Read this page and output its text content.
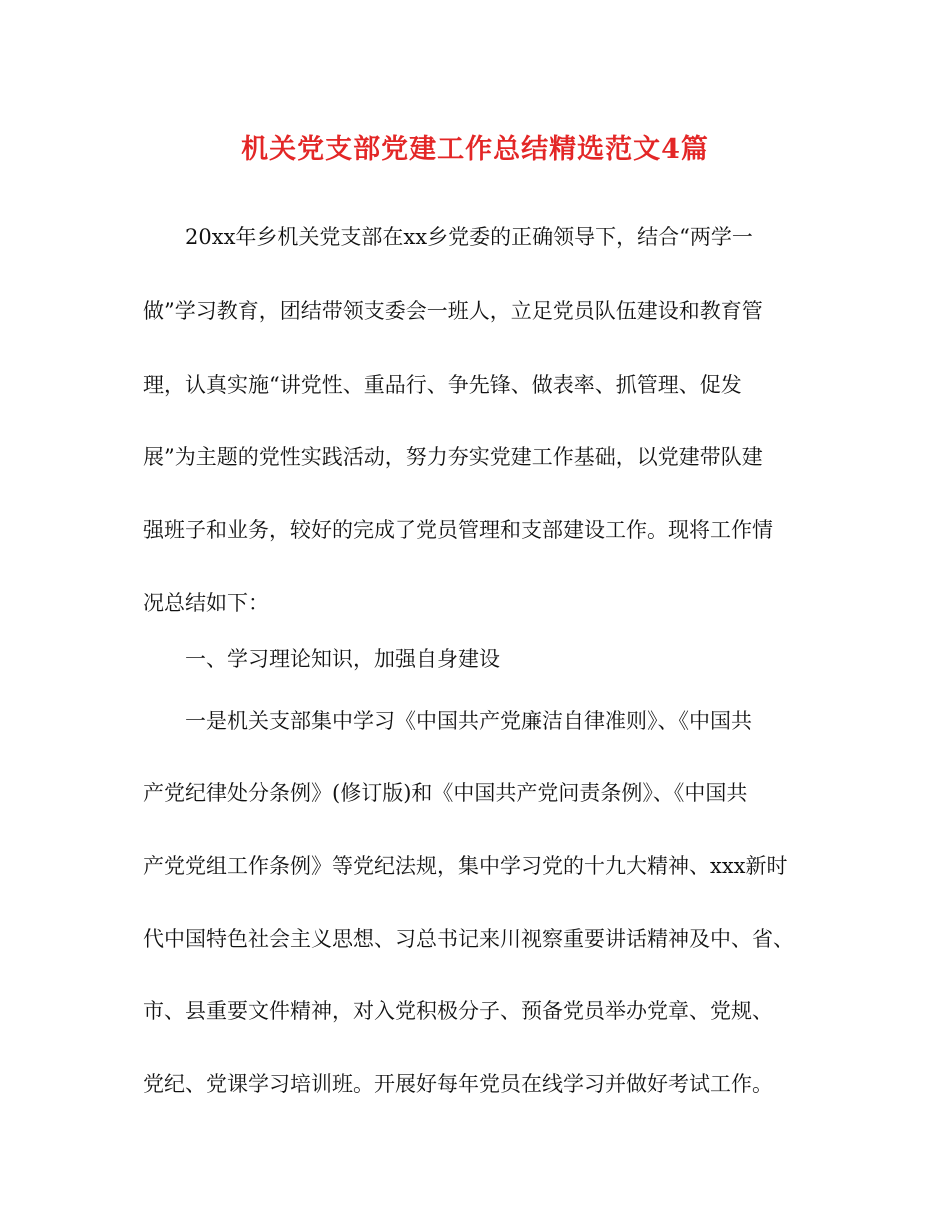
机关党支部党建工作总结精选范文4篇
20xx年乡机关党支部在xx乡党委的正确领导下，结合“两学一
做”学习教育，团结带领支委会一班人，立足党员队伍建设和教育管
理，认真实施“讲党性、重品行、争先锋、做表率、抓管理、促发
展”为主题的党性实践活动，努力夯实党建工作基础，以党建带队建
强班子和业务，较好的完成了党员管理和支部建设工作。现将工作情
况总结如下：
一、学习理论知识，加强自身建设
一是机关支部集中学习《中国共产党廉洁自律准则》、《中国共
产党纪律处分条例》(修订版)和《中国共产党问责条例》、《中国共
产党党组工作条例》等党纪法规，集中学习党的十九大精神、xxx新时
代中国特色社会主义思想、习总书记来川视察重要讲话精神及中、省、
市、县重要文件精神，对入党积极分子、预备党员举办党章、党规、
党纪、党课学习培训班。开展好每年党员在线学习并做好考试工作。
